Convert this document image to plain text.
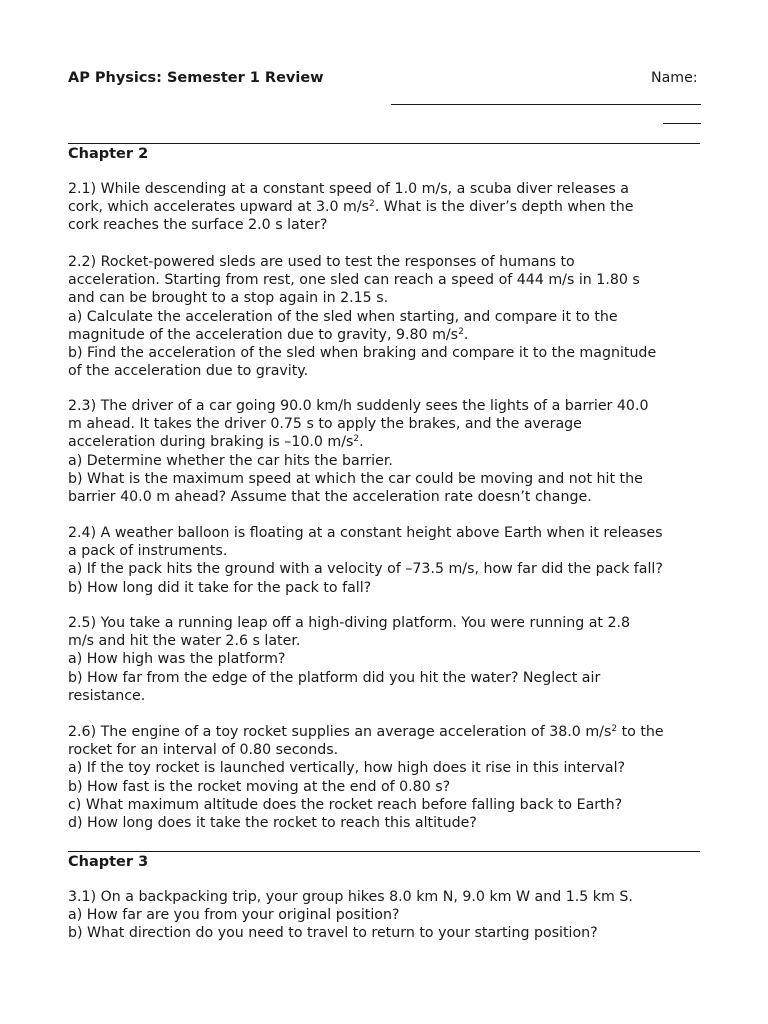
AP Physics: Semester 1 Review	Name:
Chapter 2

2.1) While descending at a constant speed of 1.0 m/s, a scuba diver releases a

cork, which accelerates upward at 3.0 $m/s^2$. What is the diver’s depth when the

cork reaches the surface 2.0 s later?

2.2) Rocket-powered sleds are used to test the responses of humans to

acceleration. Starting from rest, one sled can reach a speed of 444 m/s in 1.80 s

and can be brought to a stop again in 2.15 s.

a) Calculate the acceleration of the sled when starting, and compare it to the

magnitude of the acceleration due to gravity, 9.80 $m/s^2$.

b) Find the acceleration of the sled when braking and compare it to the magnitude

of the acceleration due to gravity.

2.3) The driver of a car going 90.0 km/h suddenly sees the lights of a barrier 40.0

m ahead. It takes the driver 0.75 s to apply the brakes, and the average

acceleration during braking is –10.0 $m/s^2$.

a) Determine whether the car hits the barrier.

b) What is the maximum speed at which the car could be moving and not hit the

barrier 40.0 m ahead? Assume that the acceleration rate doesn’t change.

2.4) A weather balloon is floating at a constant height above Earth when it releases

a pack of instruments.

a) If the pack hits the ground with a velocity of –73.5 m/s, how far did the pack fall?

b) How long did it take for the pack to fall?

2.5) You take a running leap off a high-diving platform. You were running at 2.8

m/s and hit the water 2.6 s later.

a) How high was the platform?

b) How far from the edge of the platform did you hit the water? Neglect air

resistance.

2.6) The engine of a toy rocket supplies an average acceleration of 38.0 $m/s^2$ to the

rocket for an interval of 0.80 seconds.

a) If the toy rocket is launched vertically, how high does it rise in this interval?

b) How fast is the rocket moving at the end of 0.80 s?

c) What maximum altitude does the rocket reach before falling back to Earth?

d) How long does it take the rocket to reach this altitude?

Chapter 3

3.1) On a backpacking trip, your group hikes 8.0 km N, 9.0 km W and 1.5 km S.

a) How far are you from your original position?

b) What direction do you need to travel to return to your starting position?
